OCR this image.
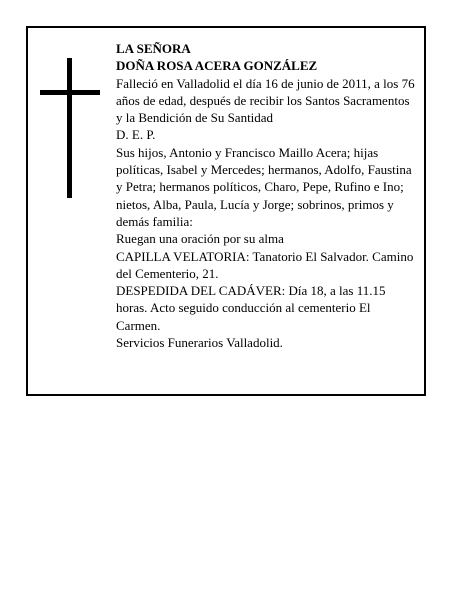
LA SEÑORA
DOÑA ROSA ACERA GONZÁLEZ
Falleció en Valladolid el día 16 de junio de 2011, a los 76 años de edad, después de recibir los Santos Sacramentos y la Bendición de Su Santidad
D. E. P.
Sus hijos, Antonio y Francisco Maillo Acera; hijas políticas, Isabel y Mercedes; hermanos, Adolfo, Faustina y Petra; hermanos políticos, Charo, Pepe, Rufino e Ino; nietos, Alba, Paula, Lucía y Jorge; sobrinos, primos y demás familia:
Ruegan una oración por su alma
CAPILLA VELATORIA: Tanatorio El Salvador. Camino del Cementerio, 21.
DESPEDIDA DEL CADÁVER: Día 18, a las 11.15 horas. Acto seguido conducción al cementerio El Carmen.
Servicios Funerarios Valladolid.
